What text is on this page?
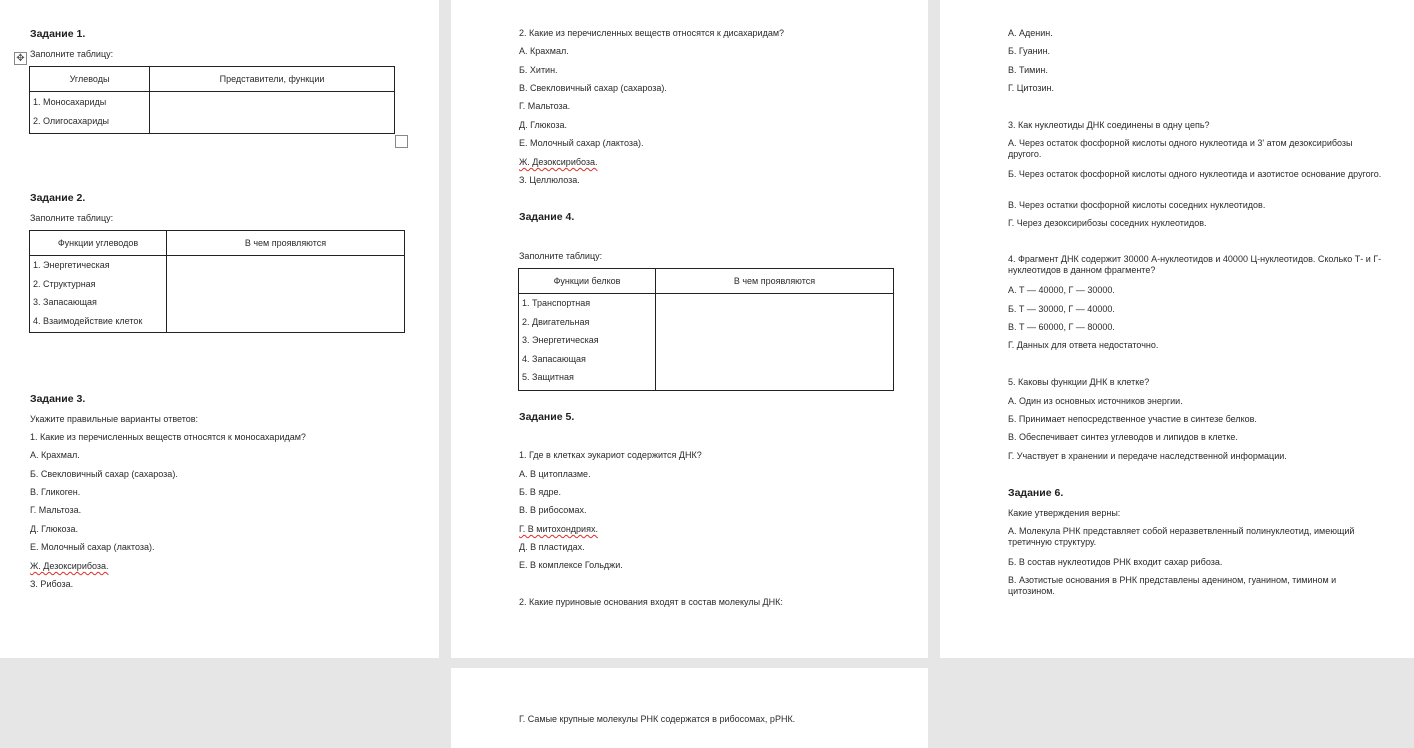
Задание 1.
✥ Заполните таблицу:
Углеводы	Представители, функции

1. Моносахариды
2. Олигосахариды	

Задание 2.
Заполните таблицу:
Функции углеводов	В чем проявляются

1. Энергетическая
2. Структурная
3. Запасающая
4. Взаимодействие клеток	

Задание 3.
Укажите правильные варианты ответов:
1. Какие из перечисленных веществ относятся к моносахаридам?
А. Крахмал.
Б. Свекловичный сахар (сахароза).
В. Гликоген.
Г. Мальтоза.
Д. Глюкоза.
Е. Молочный сахар (лактоза).
Ж. Дезоксирибоза.
З. Рибоза.
2. Какие из перечисленных веществ относятся к дисахаридам?
А. Крахмал.
Б. Хитин.
В. Свекловичный сахар (сахароза).
Г. Мальтоза.
Д. Глюкоза.
Е. Молочный сахар (лактоза).
Ж. Дезоксирибоза.
З. Целлюлоза.
Задание 4.
Заполните таблицу:
Функции белков	В чем проявляются

1. Транспортная
2. Двигательная
3. Энергетическая
4. Запасающая
5. Защитная	

Задание 5.
1. Где в клетках эукариот содержится ДНК?
А. В цитоплазме.
Б. В ядре.
В. В рибосомах.
Г. В митохондриях.
Д. В пластидах.
Е. В комплексе Гольджи.
2. Какие пуриновые основания входят в состав молекулы ДНК:
А. Аденин.
Б. Гуанин.
В. Тимин.
Г. Цитозин.
3. Как нуклеотиды ДНК соединены в одну цепь?
А. Через остаток фосфорной кислоты одного нуклеотида и 3' атом дезоксирибозы другого.
Б. Через остаток фосфорной кислоты одного нуклеотида и азотистое основание другого.
В. Через остатки фосфорной кислоты соседних нуклеотидов.
Г. Через дезоксирибозы соседних нуклеотидов.
4. Фрагмент ДНК содержит 30000 А-нуклеотидов и 40000 Ц-нуклеотидов. Сколько Т- и Г-нуклеотидов в данном фрагменте?
А. Т — 40000, Г — 30000.
Б. Т — 30000, Г — 40000.
В. Т — 60000, Г — 80000.
Г. Данных для ответа недостаточно.
5. Каковы функции ДНК в клетке?
А. Один из основных источников энергии.
Б. Принимает непосредственное участие в синтезе белков.
В. Обеспечивает синтез углеводов и липидов в клетке.
Г. Участвует в хранении и передаче наследственной информации.
Задание 6.
Какие утверждения верны:
А. Молекула РНК представляет собой неразветвленный полинуклеотид, имеющий третичную структуру.
Б. В состав нуклеотидов РНК входит сахар рибоза.
В. Азотистые основания в РНК представлены аденином, гуанином, тимином и цитозином.
Г. Самые крупные молекулы РНК содержатся в рибосомах, рРНК.
